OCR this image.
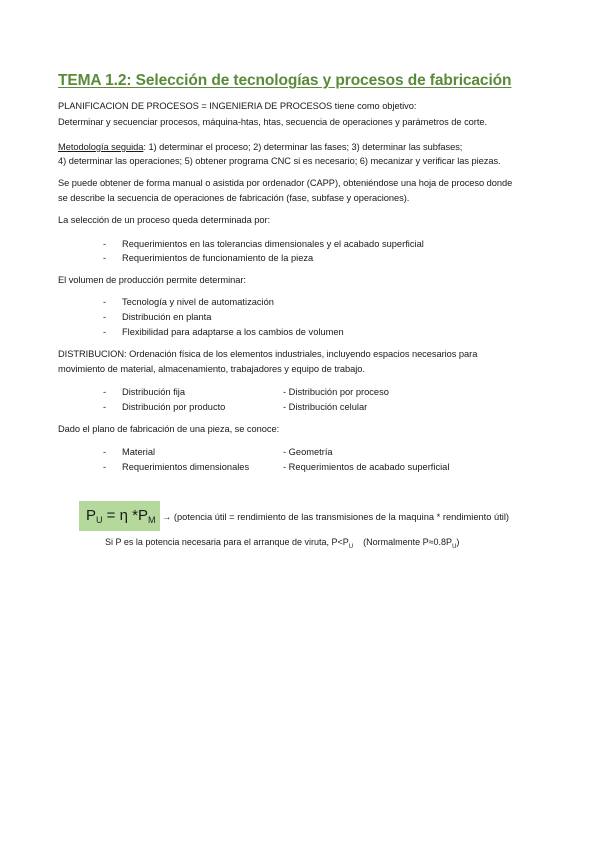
TEMA 1.2: Selección de tecnologías y procesos de fabricación
PLANIFICACION DE PROCESOS = INGENIERIA DE PROCESOS tiene como objetivo:
Determinar y secuenciar procesos, máquina-htas, htas, secuencia de operaciones y parámetros de corte.
Metodología seguida: 1) determinar el proceso; 2) determinar las fases; 3) determinar las subfases;
4) determinar las operaciones; 5) obtener programa CNC si es necesario; 6) mecanizar y verificar las piezas.
Se puede obtener de forma manual o asistida por ordenador (CAPP), obteniéndose una hoja de proceso donde
se describe la secuencia de operaciones de fabricación (fase, subfase y operaciones).
La selección de un proceso queda determinada por:
- Requerimientos en las tolerancias dimensionales y el acabado superficial
- Requerimientos de funcionamiento de la pieza
El volumen de producción permite determinar:
- Tecnología y nivel de automatización
- Distribución en planta
- Flexibilidad para adaptarse a los cambios de volumen
DISTRIBUCION: Ordenación física de los elementos industriales, incluyendo espacios necesarios para
movimiento de material, almacenamiento, trabajadores y equipo de trabajo.
- Distribución fija	- Distribución por proceso
- Distribución por producto	- Distribución celular
Dado el plano de fabricación de una pieza, se conoce:
- Material	- Geometría
- Requerimientos dimensionales	- Requerimientos de acabado superficial
$P_U = \eta$ $*P_M$ → (potencia útil = rendimiento de las transmisiones de la maquina * rendimiento útil)
Si P es la potencia necesaria para el arranque de viruta, $P<P_U$    (Normalmente $P\approx 0.8P_U$)
